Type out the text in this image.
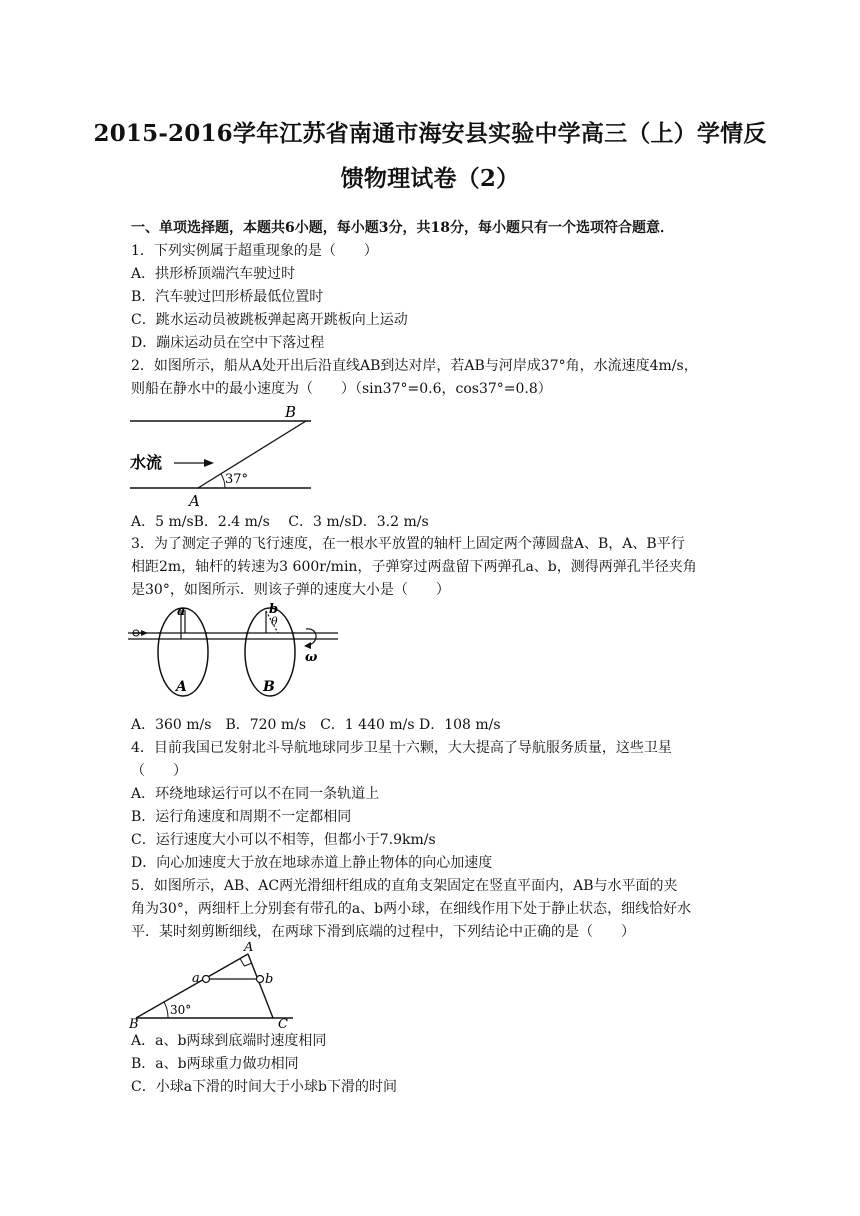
2015-2016学年江苏省南通市海安县实验中学高三（上）学情反
馈物理试卷（2）
一、单项选择题，本题共6小题，每小题3分，共18分，每小题只有一个选项符合题意．
1．下列实例属于超重现象的是（　　）
A．拱形桥顶端汽车驶过时
B．汽车驶过凹形桥最低位置时
C．跳水运动员被跳板弹起离开跳板向上运动
D．蹦床运动员在空中下落过程
2．如图所示，船从A处开出后沿直线AB到达对岸，若AB与河岸成37°角，水流速度4m/s，
则船在静水中的最小速度为（　　）（sin37°=0.6，cos37°=0.8）
B
A
水流
37°
A．5 m/sB．2.4 m/s　 C．3 m/sD．3.2 m/s
3．为了测定子弹的飞行速度，在一根水平放置的轴杆上固定两个薄圆盘A、B，A、B平行
相距2m，轴杆的转速为3 600r/min，子弹穿过两盘留下两弹孔a、b，测得两弹孔半径夹角
是30°，如图所示．则该子弹的速度大小是（　　）
a	b
θ
A	B
ω
A．360 m/s　B．720 m/s　C．1 440 m/s D．108 m/s
4．目前我国已发射北斗导航地球同步卫星十六颗，大大提高了导航服务质量，这些卫星
（　　）
A．环绕地球运行可以不在同一条轨道上
B．运行角速度和周期不一定都相同
C．运行速度大小可以不相等，但都小于7.9km/s
D．向心加速度大于放在地球赤道上静止物体的向心加速度
5．如图所示，AB、AC两光滑细杆组成的直角支架固定在竖直平面内，AB与水平面的夹
角为30°，两细杆上分别套有带孔的a、b两小球，在细线作用下处于静止状态，细线恰好水
平．某时刻剪断细线，在两球下滑到底端的过程中，下列结论中正确的是（　　）
A
B	C
a	b
30°
A．a、b两球到底端时速度相同
B．a、b两球重力做功相同
C．小球a下滑的时间大于小球b下滑的时间
